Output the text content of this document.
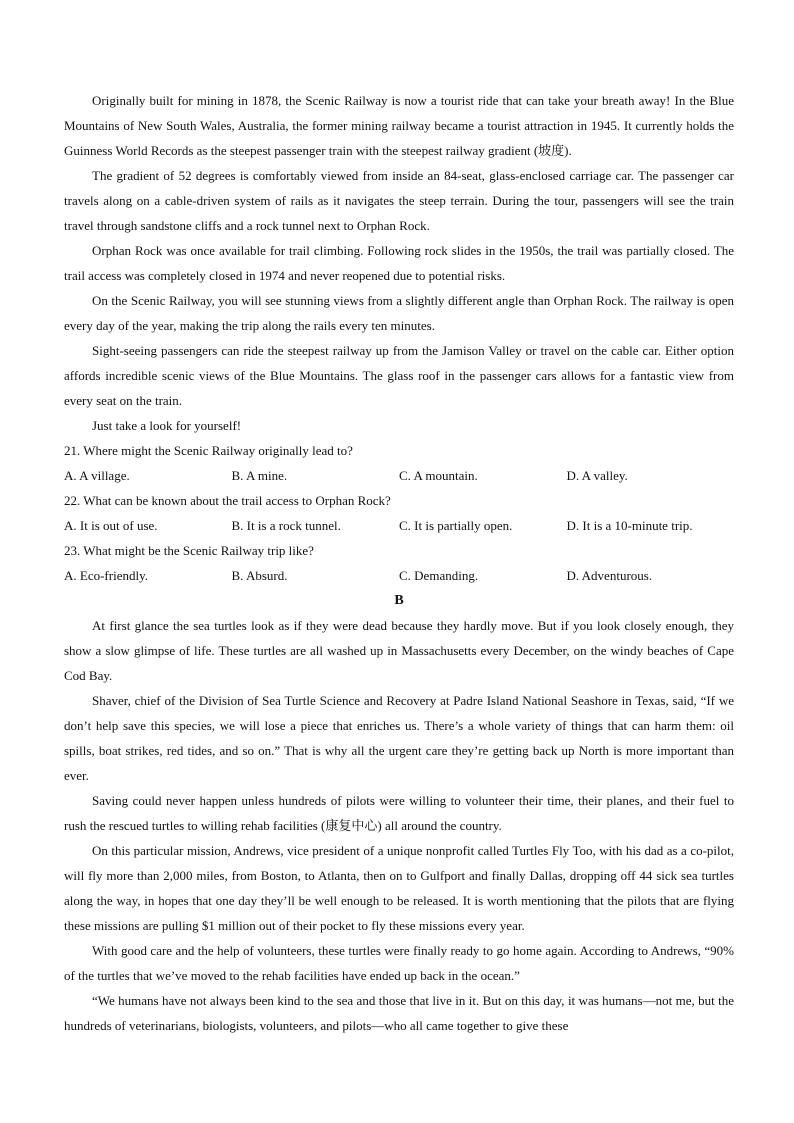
Originally built for mining in 1878, the Scenic Railway is now a tourist ride that can take your breath away! In the Blue Mountains of New South Wales, Australia, the former mining railway became a tourist attraction in 1945. It currently holds the Guinness World Records as the steepest passenger train with the steepest railway gradient (坡度).

The gradient of 52 degrees is comfortably viewed from inside an 84-seat, glass-enclosed carriage car. The passenger car travels along on a cable-driven system of rails as it navigates the steep terrain. During the tour, passengers will see the train travel through sandstone cliffs and a rock tunnel next to Orphan Rock.

Orphan Rock was once available for trail climbing. Following rock slides in the 1950s, the trail was partially closed. The trail access was completely closed in 1974 and never reopened due to potential risks.

On the Scenic Railway, you will see stunning views from a slightly different angle than Orphan Rock. The railway is open every day of the year, making the trip along the rails every ten minutes.

Sight-seeing passengers can ride the steepest railway up from the Jamison Valley or travel on the cable car. Either option affords incredible scenic views of the Blue Mountains. The glass roof in the passenger cars allows for a fantastic view from every seat on the train.

Just take a look for yourself!

21. Where might the Scenic Railway originally lead to?

A. A village.	B. A mine.	C. A mountain.	D. A valley.

22. What can be known about the trail access to Orphan Rock?

A. It is out of use.	B. It is a rock tunnel.	C. It is partially open.	D. It is a 10-minute trip.

23. What might be the Scenic Railway trip like?

A. Eco-friendly.	B. Absurd.	C. Demanding.	D. Adventurous.

B

At first glance the sea turtles look as if they were dead because they hardly move. But if you look closely enough, they show a slow glimpse of life. These turtles are all washed up in Massachusetts every December, on the windy beaches of Cape Cod Bay.

Shaver, chief of the Division of Sea Turtle Science and Recovery at Padre Island National Seashore in Texas, said, “If we don’t help save this species, we will lose a piece that enriches us. There’s a whole variety of things that can harm them: oil spills, boat strikes, red tides, and so on.” That is why all the urgent care they’re getting back up North is more important than ever.

Saving could never happen unless hundreds of pilots were willing to volunteer their time, their planes, and their fuel to rush the rescued turtles to willing rehab facilities (康复中心) all around the country.

On this particular mission, Andrews, vice president of a unique nonprofit called Turtles Fly Too, with his dad as a co-pilot, will fly more than 2,000 miles, from Boston, to Atlanta, then on to Gulfport and finally Dallas, dropping off 44 sick sea turtles along the way, in hopes that one day they’ll be well enough to be released. It is worth mentioning that the pilots that are flying these missions are pulling $1 million out of their pocket to fly these missions every year.

With good care and the help of volunteers, these turtles were finally ready to go home again. According to Andrews, “90% of the turtles that we’ve moved to the rehab facilities have ended up back in the ocean.”

“We humans have not always been kind to the sea and those that live in it. But on this day, it was humans—not me, but the hundreds of veterinarians, biologists, volunteers, and pilots—who all came together to give these
